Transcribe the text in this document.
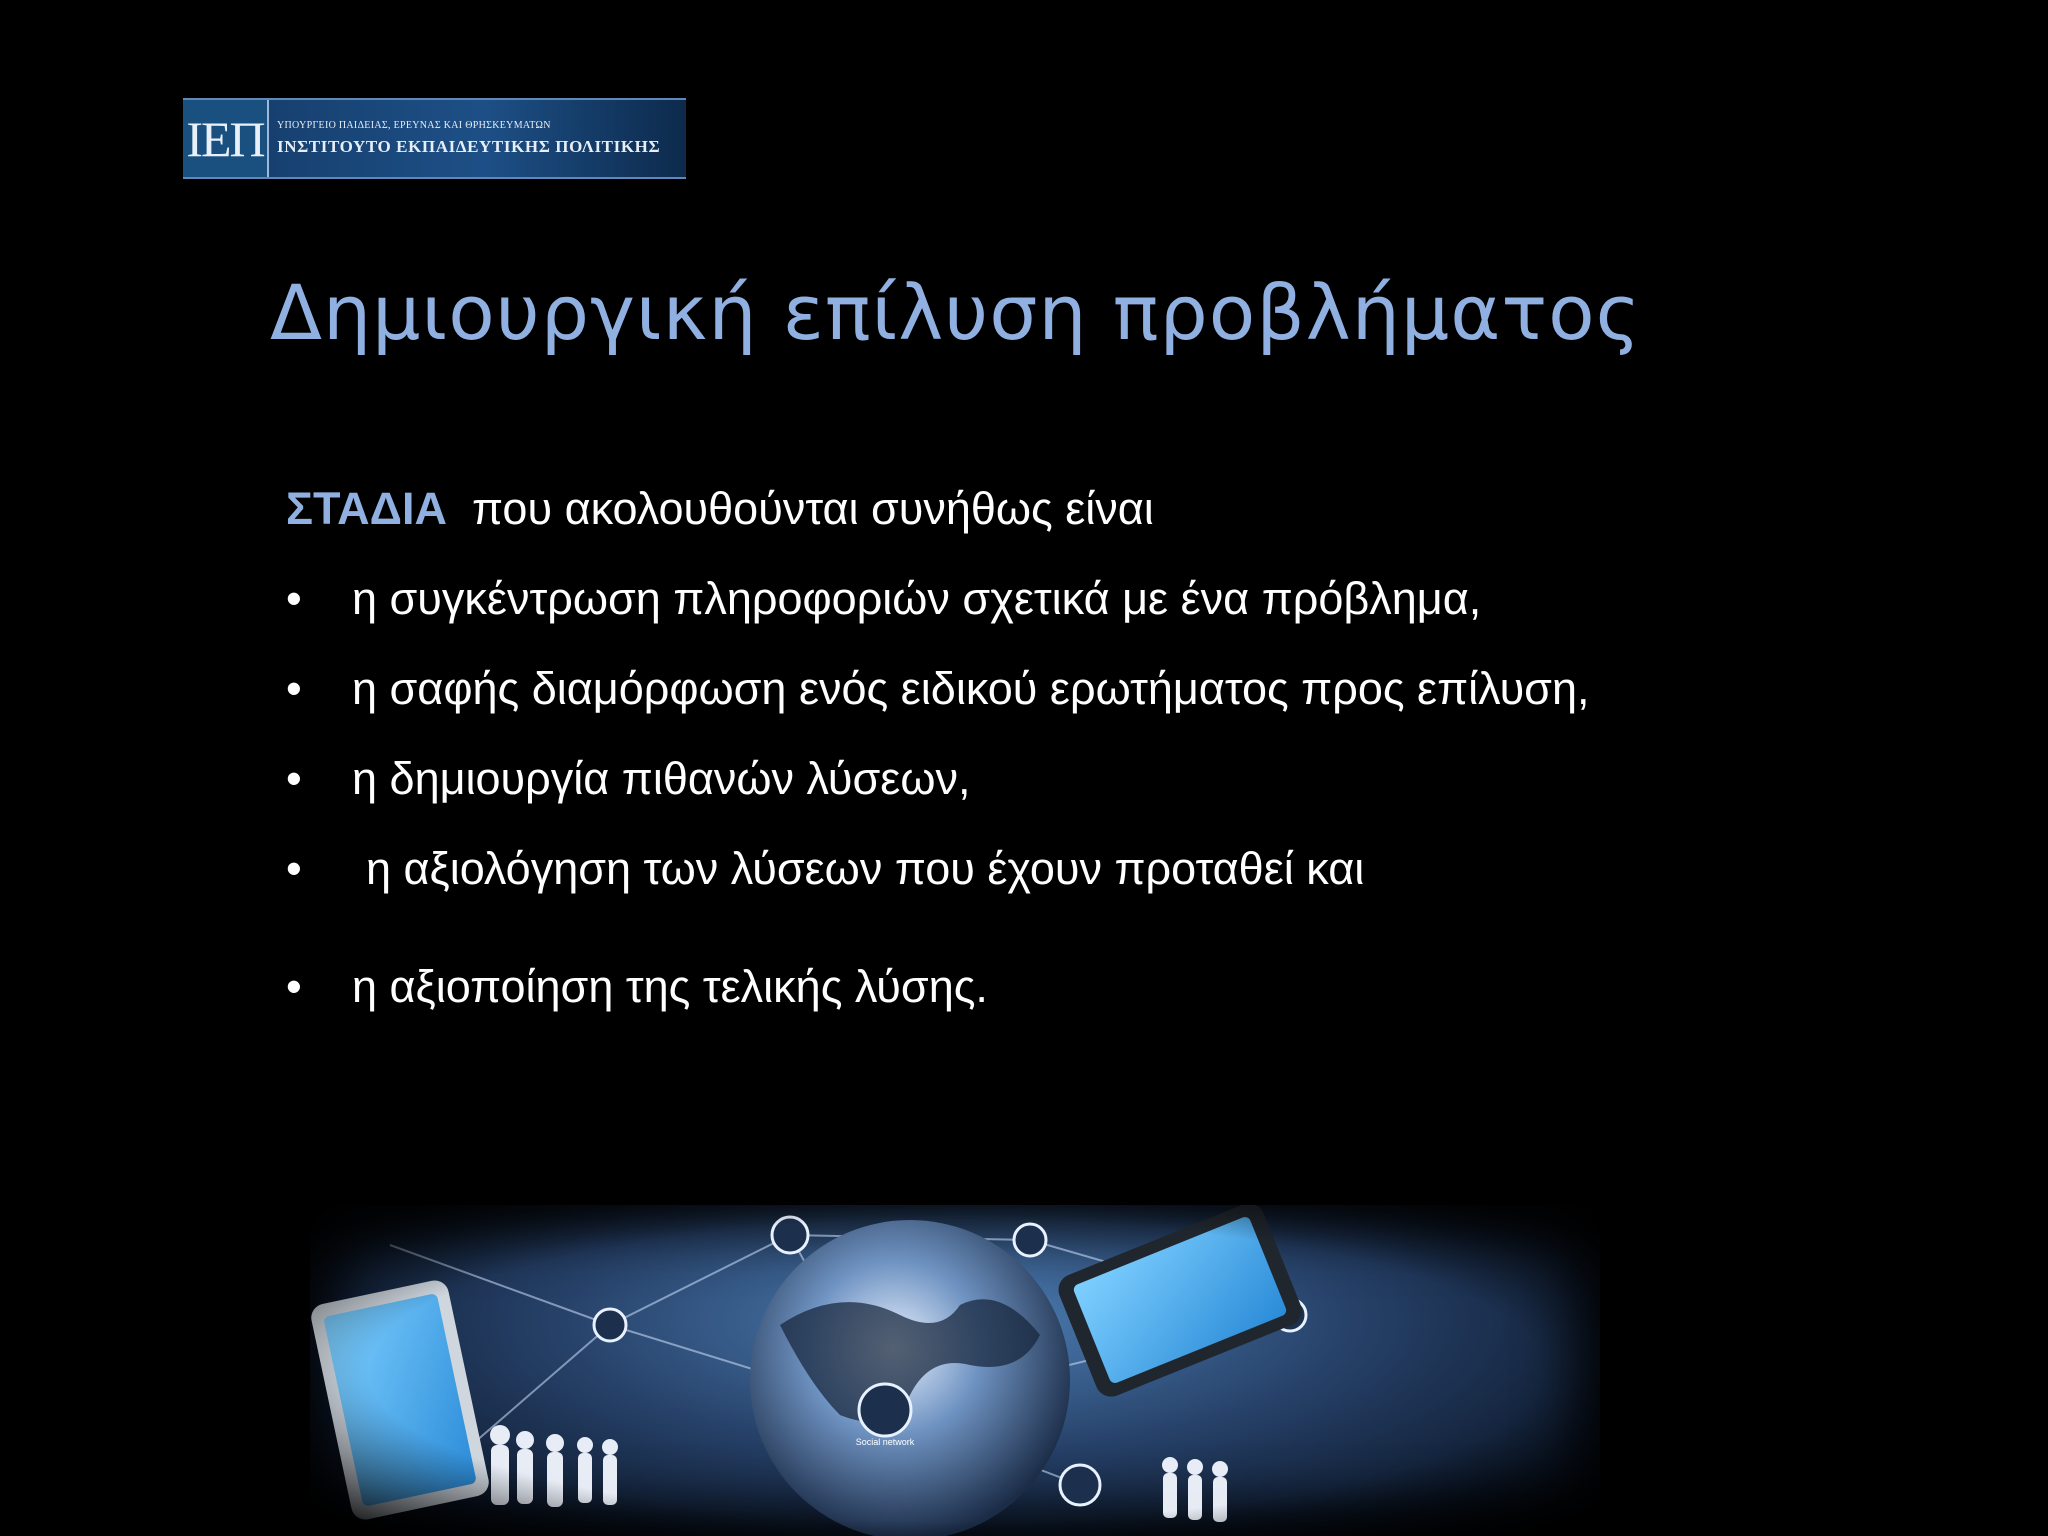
ΙΕΠ	ΥΠΟΥΡΓΕΙΟ ΠΑΙΔΕΙΑΣ, ΕΡΕΥΝΑΣ ΚΑΙ ΘΡΗΣΚΕΥΜΑΤΩΝ
ΙΝΣΤΙΤΟΥΤΟ ΕΚΠΑΙΔΕΥΤΙΚΗΣ ΠΟΛΙΤΙΚΗΣ
Δημιουργική επίλυση προβλήματος
ΣΤΑΔΙΑ που ακολουθούνται συνήθως είναι
• η συγκέντρωση πληροφοριών σχετικά με ένα πρόβλημα,
• η σαφής διαμόρφωση ενός ειδικού ερωτήματος προς επίλυση,
• η δημιουργία πιθανών λύσεων,
• η αξιολόγηση των λύσεων που έχουν προταθεί και
• η αξιοποίηση της τελικής λύσης.
